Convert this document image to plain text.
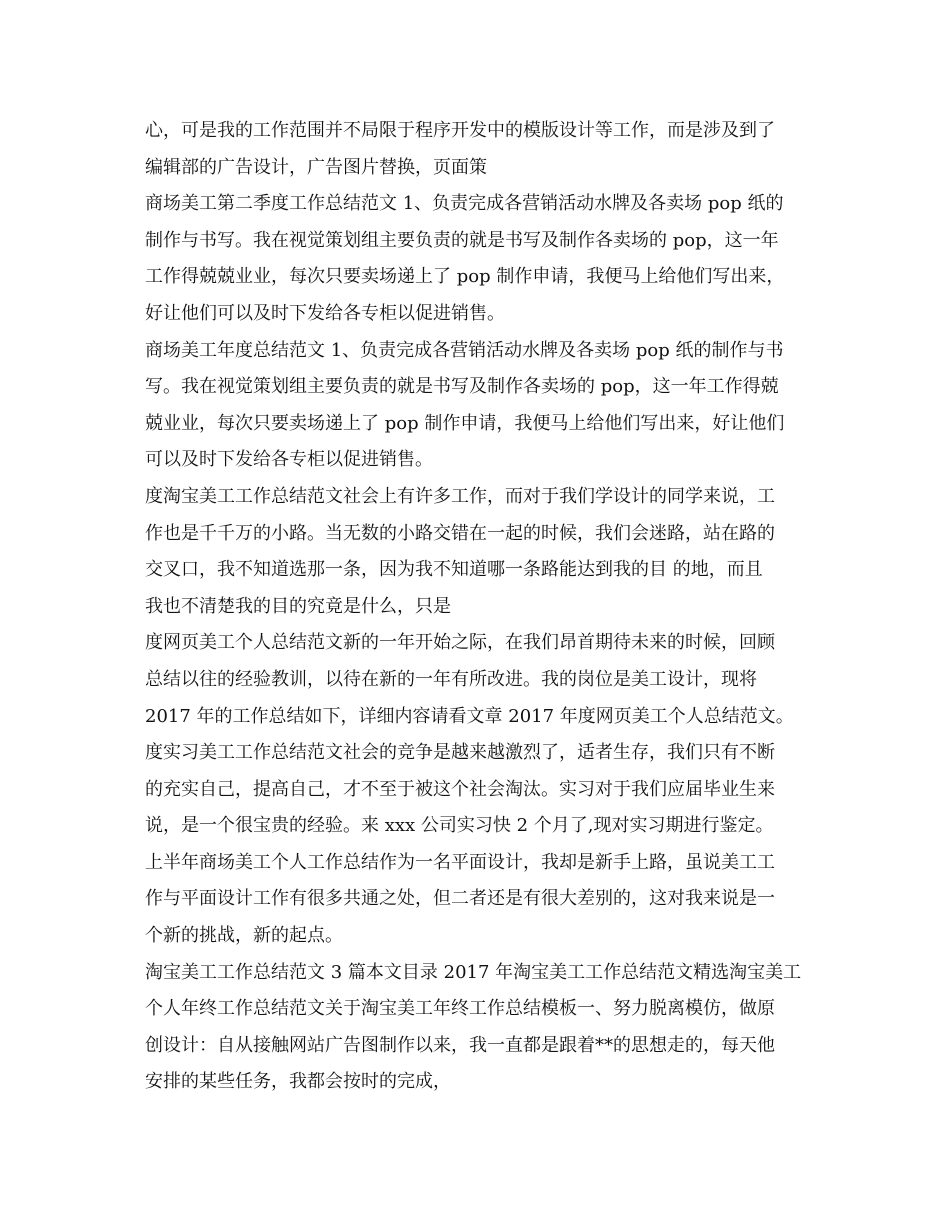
心，可是我的工作范围并不局限于程序开发中的模版设计等工作，而是涉及到了
编辑部的广告设计，广告图片替换，页面策

商场美工第二季度工作总结范文 1、负责完成各营销活动水牌及各卖场 pop 纸的
制作与书写。我在视觉策划组主要负责的就是书写及制作各卖场的 pop，这一年
工作得兢兢业业，每次只要卖场递上了 pop 制作申请，我便马上给他们写出来，
好让他们可以及时下发给各专柜以促进销售。

商场美工年度总结范文 1、负责完成各营销活动水牌及各卖场 pop 纸的制作与书
写。我在视觉策划组主要负责的就是书写及制作各卖场的 pop，这一年工作得兢
兢业业，每次只要卖场递上了 pop 制作申请，我便马上给他们写出来，好让他们
可以及时下发给各专柜以促进销售。

度淘宝美工工作总结范文社会上有许多工作，而对于我们学设计的同学来说，工
作也是千千万的小路。当无数的小路交错在一起的时候，我们会迷路，站在路的
交叉口，我不知道选那一条，因为我不知道哪一条路能达到我的目 的地，而且
我也不清楚我的目的究竟是什么，只是

度网页美工个人总结范文新的一年开始之际，在我们昂首期待未来的时候，回顾
总结以往的经验教训，以待在新的一年有所改进。我的岗位是美工设计，现将
2017 年的工作总结如下，详细内容请看文章 2017 年度网页美工个人总结范文。

度实习美工工作总结范文社会的竞争是越来越激烈了，适者生存，我们只有不断
的充实自己，提高自己，才不至于被这个社会淘汰。实习对于我们应届毕业生来
说，是一个很宝贵的经验。来 xxx 公司实习快 2 个月了,现对实习期进行鉴定。

上半年商场美工个人工作总结作为一名平面设计，我却是新手上路，虽说美工工
作与平面设计工作有很多共通之处，但二者还是有很大差别的，这对我来说是一
个新的挑战，新的起点。

淘宝美工工作总结范文 3 篇本文目录 2017 年淘宝美工工作总结范文精选淘宝美工
个人年终工作总结范文关于淘宝美工年终工作总结模板一、努力脱离模仿，做原
创设计：自从接触网站广告图制作以来，我一直都是跟着**的思想走的，每天他
安排的某些任务，我都会按时的完成，
